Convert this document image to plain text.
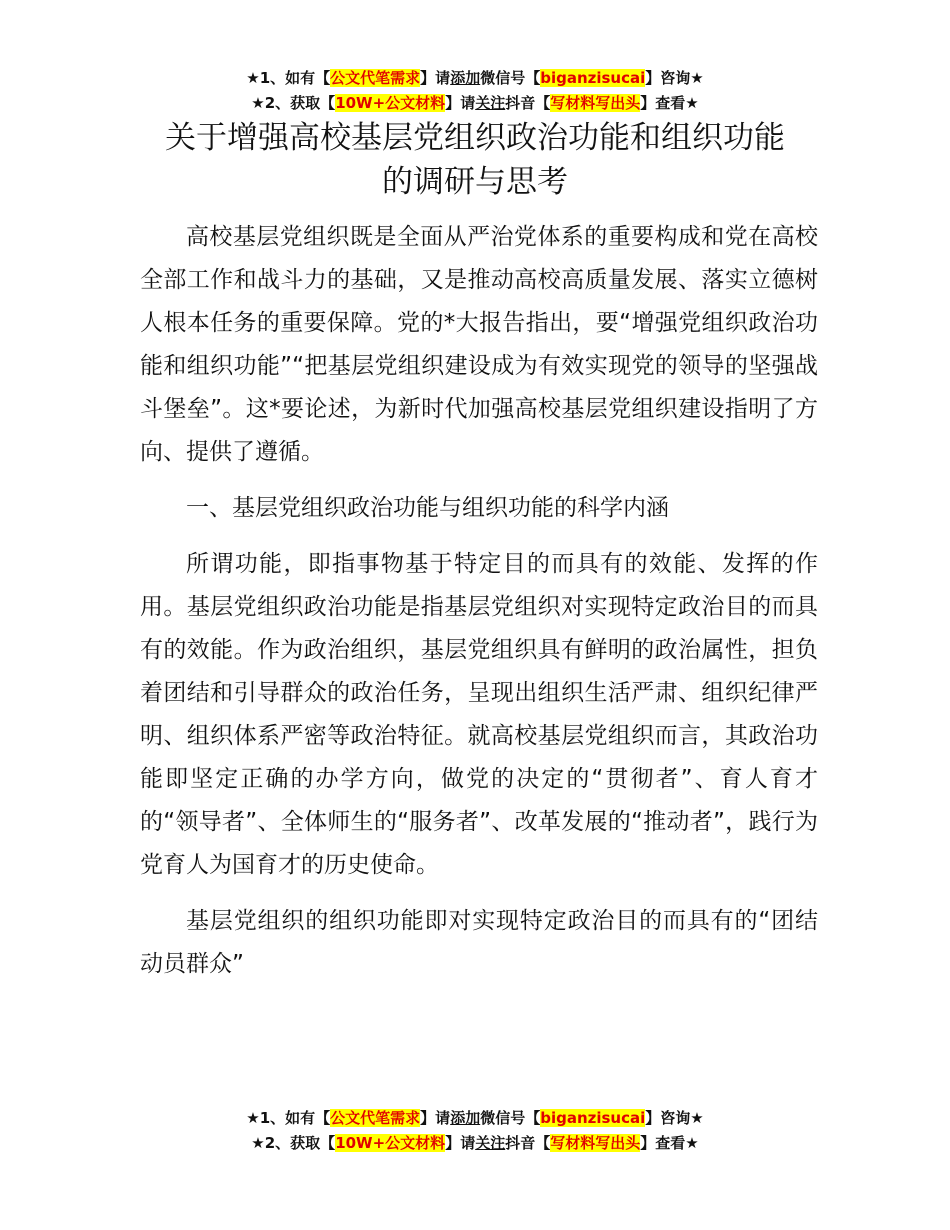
★1、如有【公文代笔需求】请添加微信号【biganzisucai】咨询★
★2、获取【10W+公文材料】请关注抖音【写材料写出头】查看★
关于增强高校基层党组织政治功能和组织功能
的调研与思考

高校基层党组织既是全面从严治党体系的重要构成和党在高校全部工作和战斗力的基础，又是推动高校高质量发展、落实立德树人根本任务的重要保障。党的*大报告指出，要“增强党组织政治功能和组织功能”“把基层党组织建设成为有效实现党的领导的坚强战斗堡垒”。这*要论述，为新时代加强高校基层党组织建设指明了方向、提供了遵循。

一、基层党组织政治功能与组织功能的科学内涵

所谓功能，即指事物基于特定目的而具有的效能、发挥的作用。基层党组织政治功能是指基层党组织对实现特定政治目的而具有的效能。作为政治组织，基层党组织具有鲜明的政治属性，担负着团结和引导群众的政治任务，呈现出组织生活严肃、组织纪律严明、组织体系严密等政治特征。就高校基层党组织而言，其政治功能即坚定正确的办学方向，做党的决定的“贯彻者”、育人育才的“领导者”、全体师生的“服务者”、改革发展的“推动者”，践行为党育人为国育才的历史使命。

基层党组织的组织功能即对实现特定政治目的而具有的“团结动员群众”

★1、如有【公文代笔需求】请添加微信号【biganzisucai】咨询★
★2、获取【10W+公文材料】请关注抖音【写材料写出头】查看★
